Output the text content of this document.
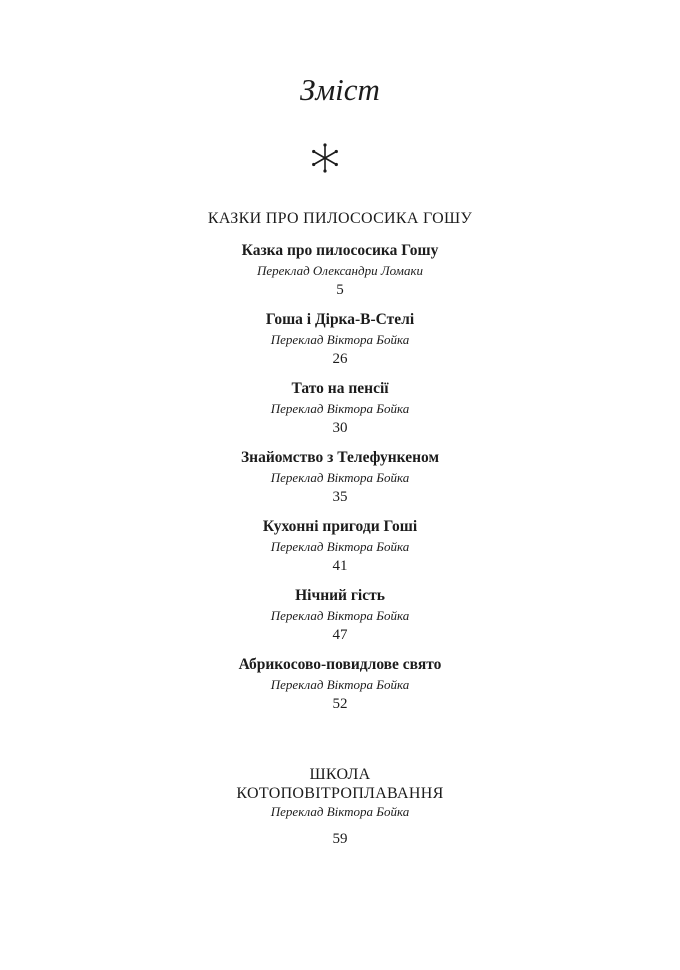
Зміст
КАЗКИ ПРО ПИЛОСОСИКА ГОШУ
Казка про пилососика Гошу
Переклад Олександри Ломаки
5
Гоша і Дірка-В-Стелі
Переклад Віктора Бойка
26
Тато на пенсії
Переклад Віктора Бойка
30
Знайомство з Телефункеном
Переклад Віктора Бойка
35
Кухонні пригоди Гоші
Переклад Віктора Бойка
41
Нічний гість
Переклад Віктора Бойка
47
Абрикосово-повидлове свято
Переклад Віктора Бойка
52
ШКОЛА
КОТОПОВІТРОПЛАВАННЯ
Переклад Віктора Бойка
59
